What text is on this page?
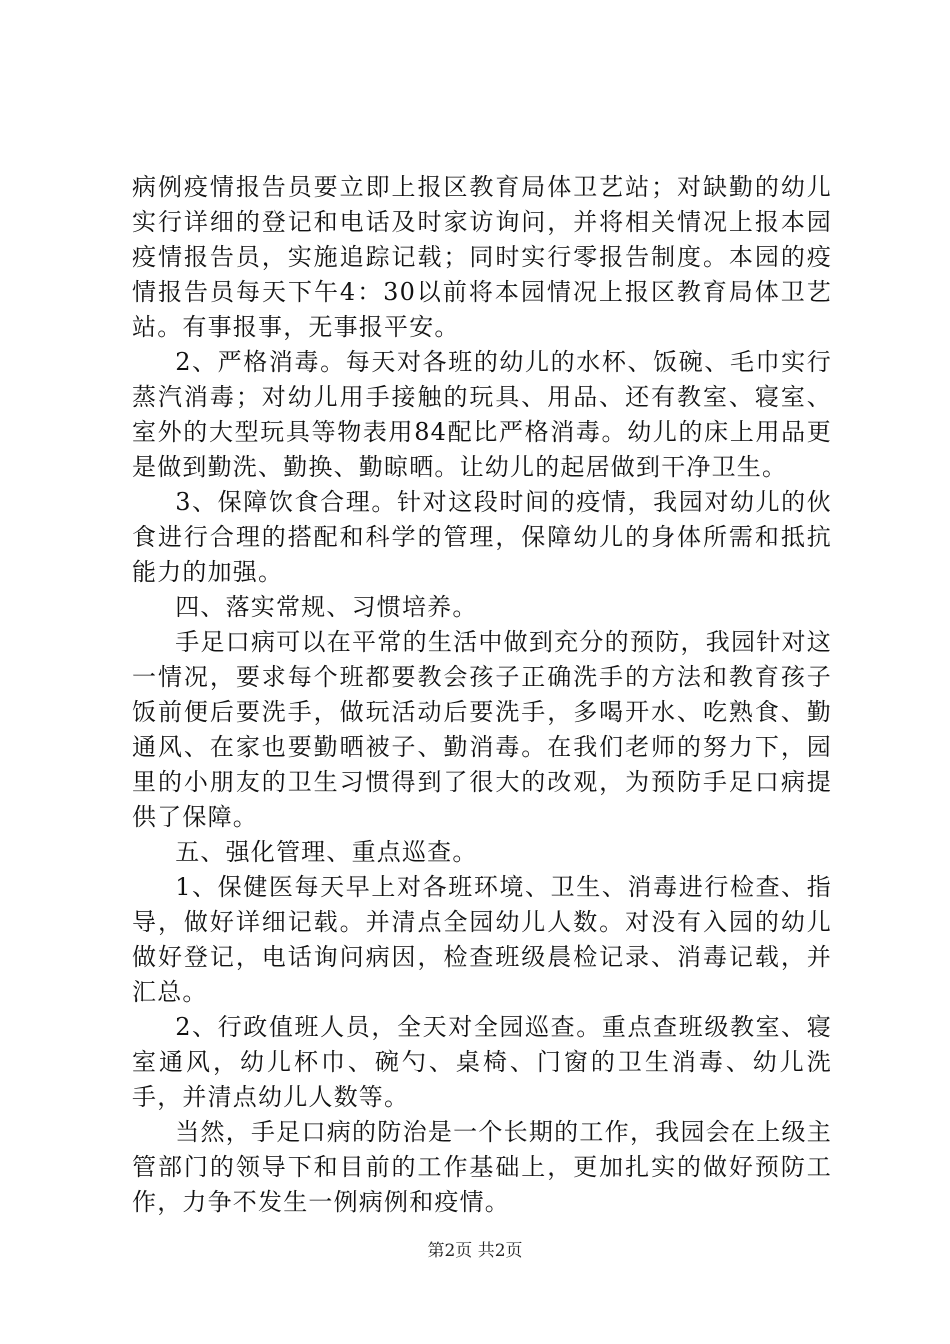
病例疫情报告员要立即上报区教育局体卫艺站；对缺勤的幼儿实行详细的登记和电话及时家访询问，并将相关情况上报本园疫情报告员，实施追踪记载；同时实行零报告制度。本园的疫情报告员每天下午4：30以前将本园情况上报区教育局体卫艺站。有事报事，无事报平安。

2、严格消毒。每天对各班的幼儿的水杯、饭碗、毛巾实行蒸汽消毒；对幼儿用手接触的玩具、用品、还有教室、寝室、室外的大型玩具等物表用84配比严格消毒。幼儿的床上用品更是做到勤洗、勤换、勤晾晒。让幼儿的起居做到干净卫生。

3、保障饮食合理。针对这段时间的疫情，我园对幼儿的伙食进行合理的搭配和科学的管理，保障幼儿的身体所需和抵抗能力的加强。

四、落实常规、习惯培养。

手足口病可以在平常的生活中做到充分的预防，我园针对这一情况，要求每个班都要教会孩子正确洗手的方法和教育孩子饭前便后要洗手，做玩活动后要洗手，多喝开水、吃熟食、勤通风、在家也要勤晒被子、勤消毒。在我们老师的努力下，园里的小朋友的卫生习惯得到了很大的改观，为预防手足口病提供了保障。

五、强化管理、重点巡查。

1、保健医每天早上对各班环境、卫生、消毒进行检查、指导，做好详细记载。并清点全园幼儿人数。对没有入园的幼儿做好登记，电话询问病因，检查班级晨检记录、消毒记载，并汇总。

2、行政值班人员，全天对全园巡查。重点查班级教室、寝室通风，幼儿杯巾、碗勺、桌椅、门窗的卫生消毒、幼儿洗手，并清点幼儿人数等。

当然，手足口病的防治是一个长期的工作，我园会在上级主管部门的领导下和目前的工作基础上，更加扎实的做好预防工作，力争不发生一例病例和疫情。

第2页 共2页
